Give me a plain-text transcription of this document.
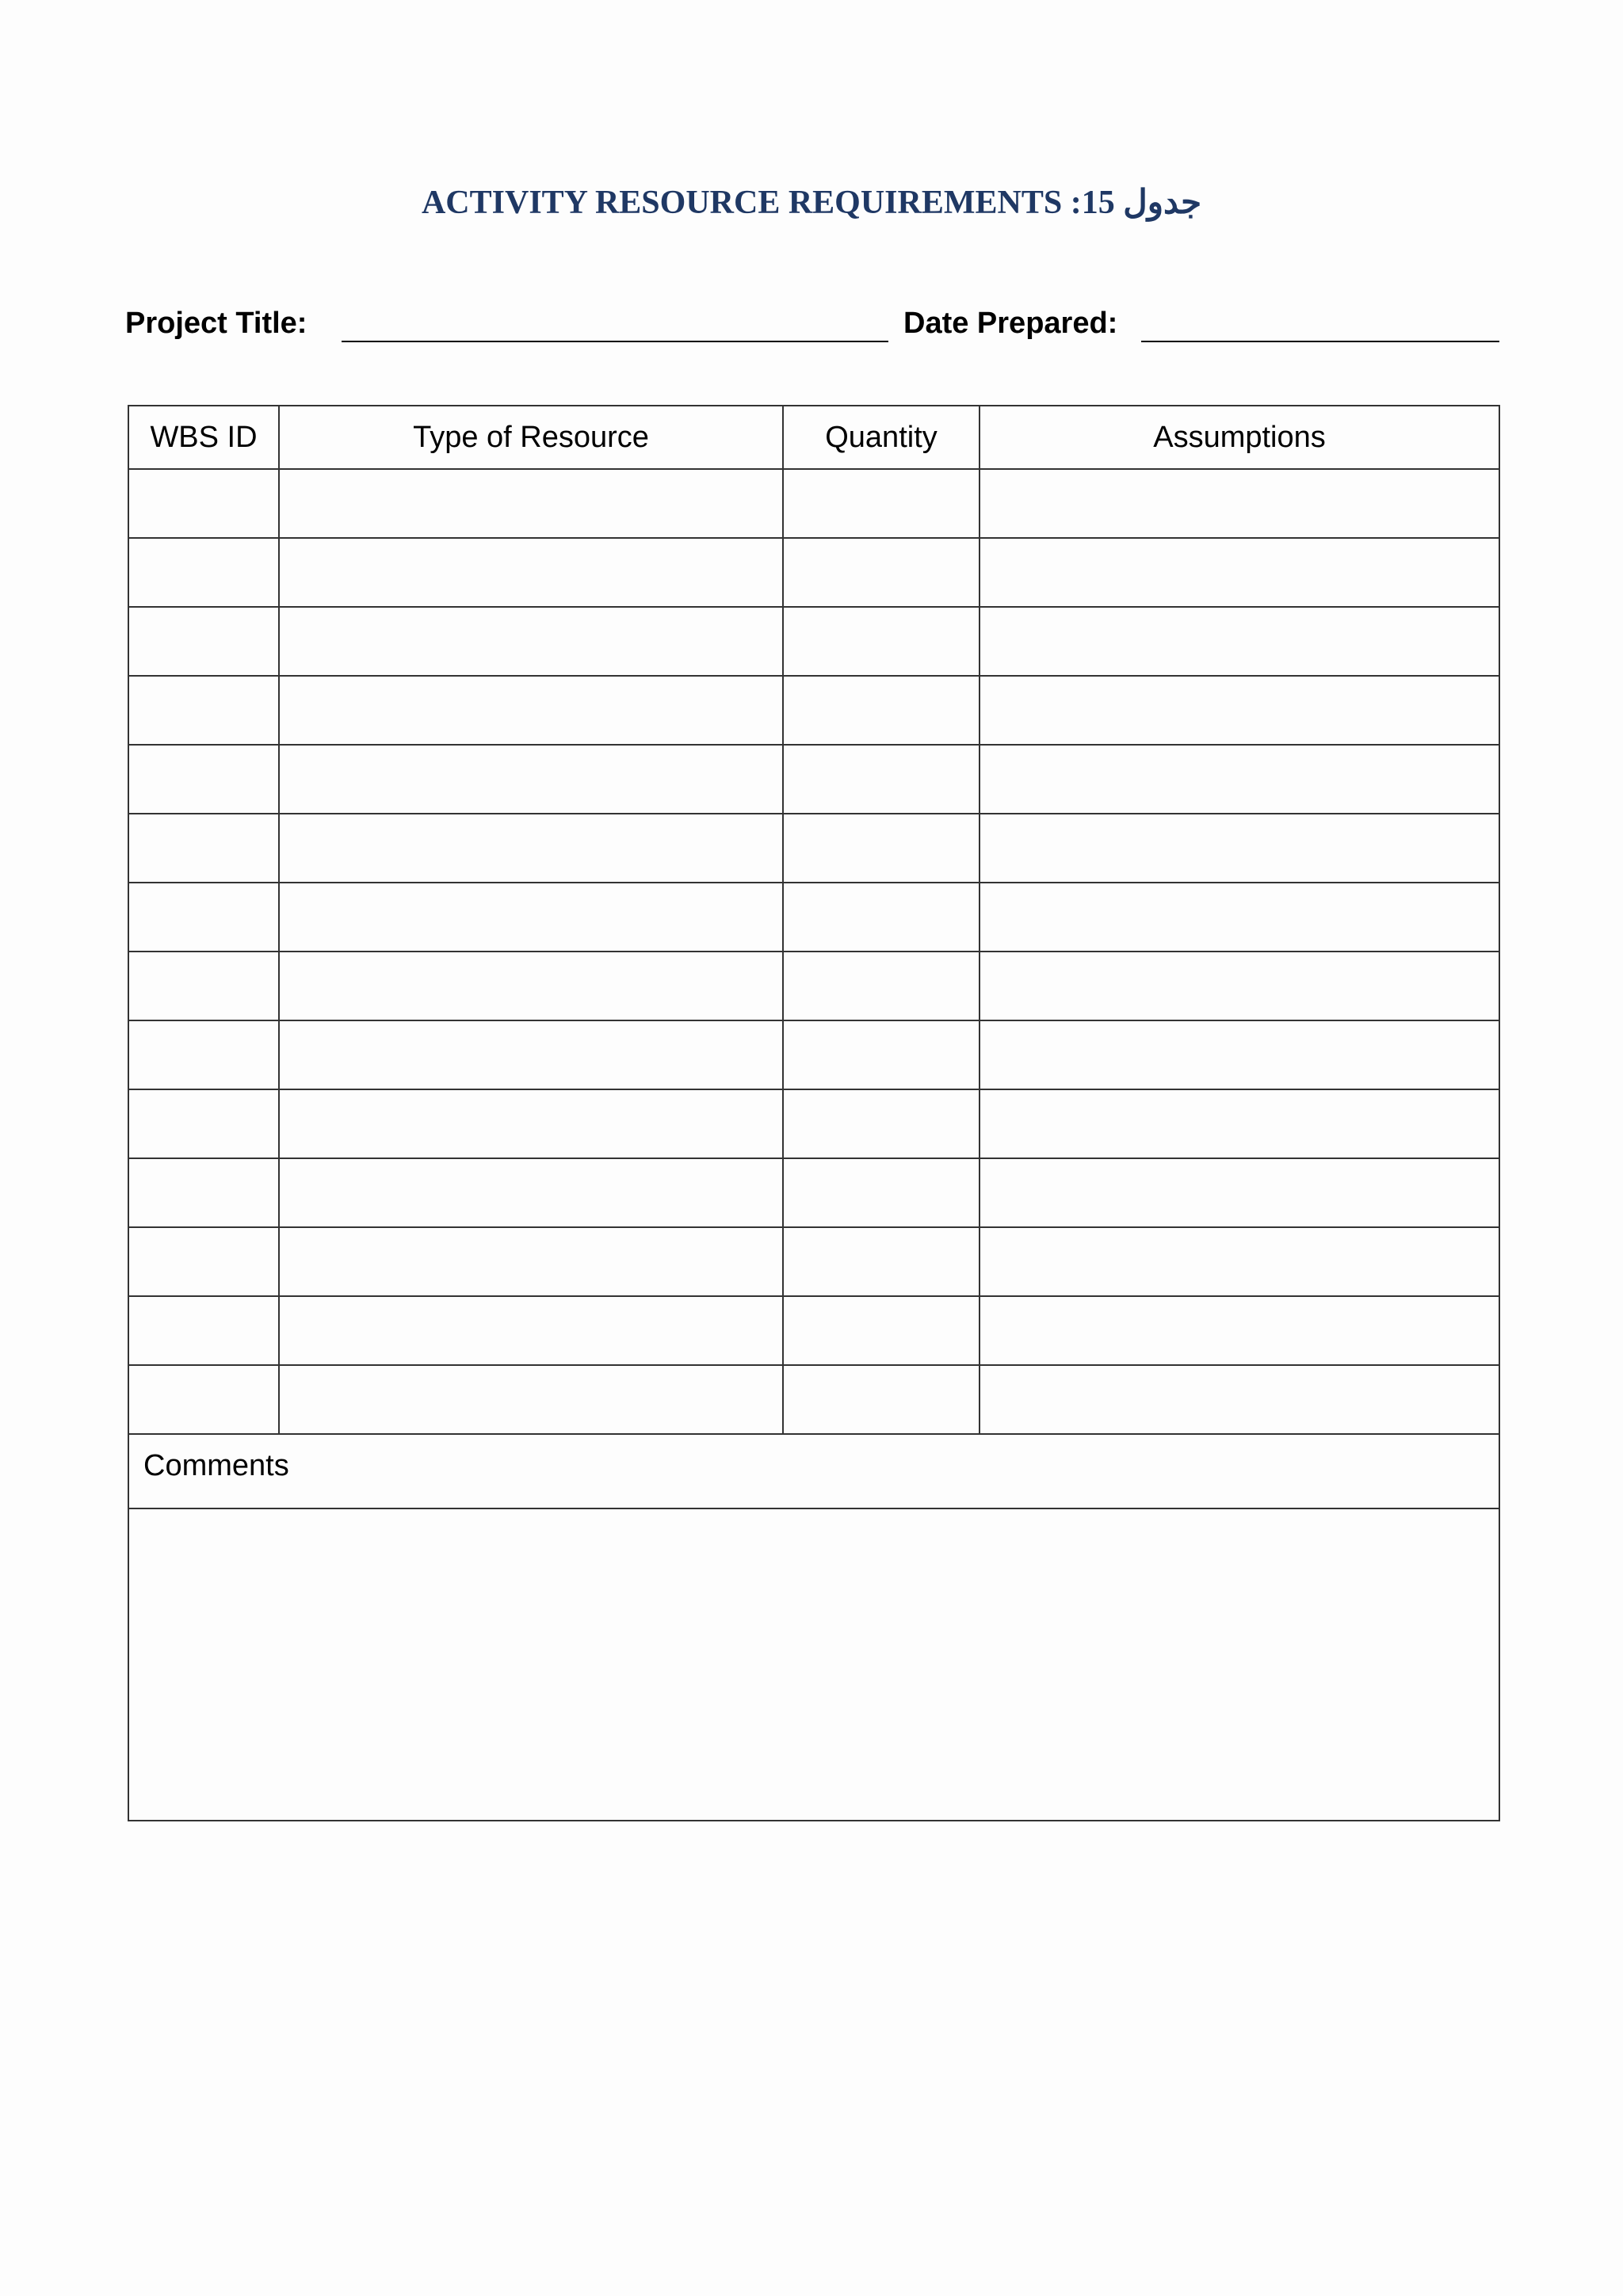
ACTIVITY RESOURCE REQUIREMENTS :15 جدول
Project Title:	Date Prepared:
WBS ID	Type of Resource	Quantity	Assumptions

Comments			
